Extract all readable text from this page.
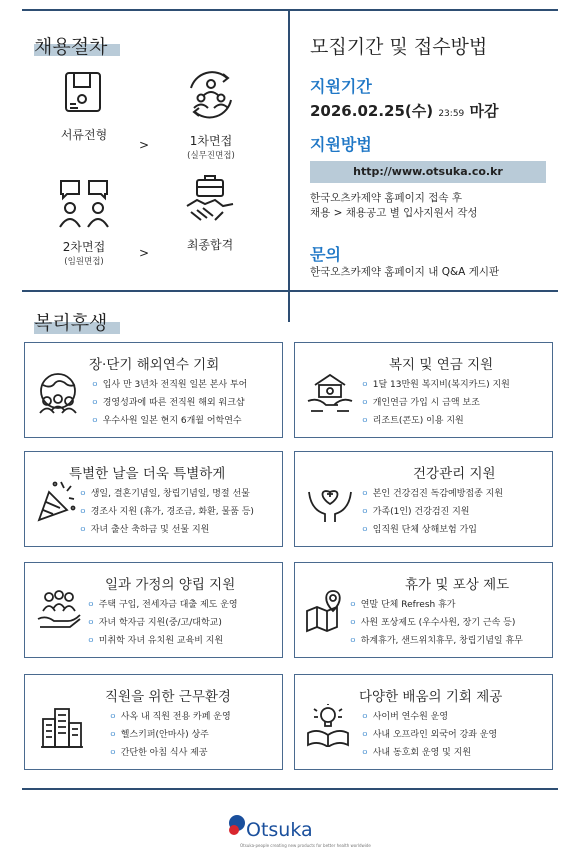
채용절차
서류전형	1차면접
(실무진면접)
>
2차면접
(임원면접)
>
최종합격
모집기간 및 접수방법
지원기간
2026.02.25(수) 23:59 마감
지원방법
http://www.otsuka.co.kr
한국오츠카제약 홈페이지 접속 후
채용 > 채용공고 별 입사지원서 작성
문의
한국오츠카제약 홈페이지 내 Q&A 게시판
복리후생
장·단기 해외연수 기회
ㅇ 입사 만 3년차 전직원 일본 본사 투어
ㅇ 경영성과에 따른 전직원 해외 워크샵
ㅇ 우수사원 일본 현지 6개월 어학연수
복지 및 연금 지원
ㅇ 1달 13만원 복지비(복지카드) 지원
ㅇ 개인연금 가입 시 금액 보조
ㅇ 리조트(콘도) 이용 지원
특별한 날을 더욱 특별하게
ㅇ 생일, 결혼기념일, 창립기념일, 명절 선물
ㅇ 경조사 지원 (휴가, 경조금, 화환, 물품 등)
ㅇ 자녀 출산 축하금 및 선물 지원
건강관리 지원
ㅇ 본인 건강검진 독감예방접종 지원
ㅇ 가족(1인) 건강검진 지원
ㅇ 임직원 단체 상해보험 가입
일과 가정의 양립 지원
ㅇ 주택 구입, 전세자금 대출 제도 운영
ㅇ 자녀 학자금 지원(중/고/대학교)
ㅇ 미취학 자녀 유치원 교육비 지원
휴가 및 포상 제도
ㅇ 연말 단체 Refresh 휴가
ㅇ 사원 포상제도 (우수사원, 장기 근속 등)
ㅇ 하계휴가, 샌드위치휴무, 창립기념일 휴무
직원을 위한 근무환경
ㅇ 사옥 내 직원 전용 카페 운영
ㅇ 헬스키퍼(안마사) 상주
ㅇ 간단한 아침 식사 제공
다양한 배움의 기회 제공
ㅇ 사이버 연수원 운영
ㅇ 사내 오프라인 외국어 강좌 운영
ㅇ 사내 동호회 운영 및 지원
Otsuka
Otsuka-people creating new products for better health worldwide
